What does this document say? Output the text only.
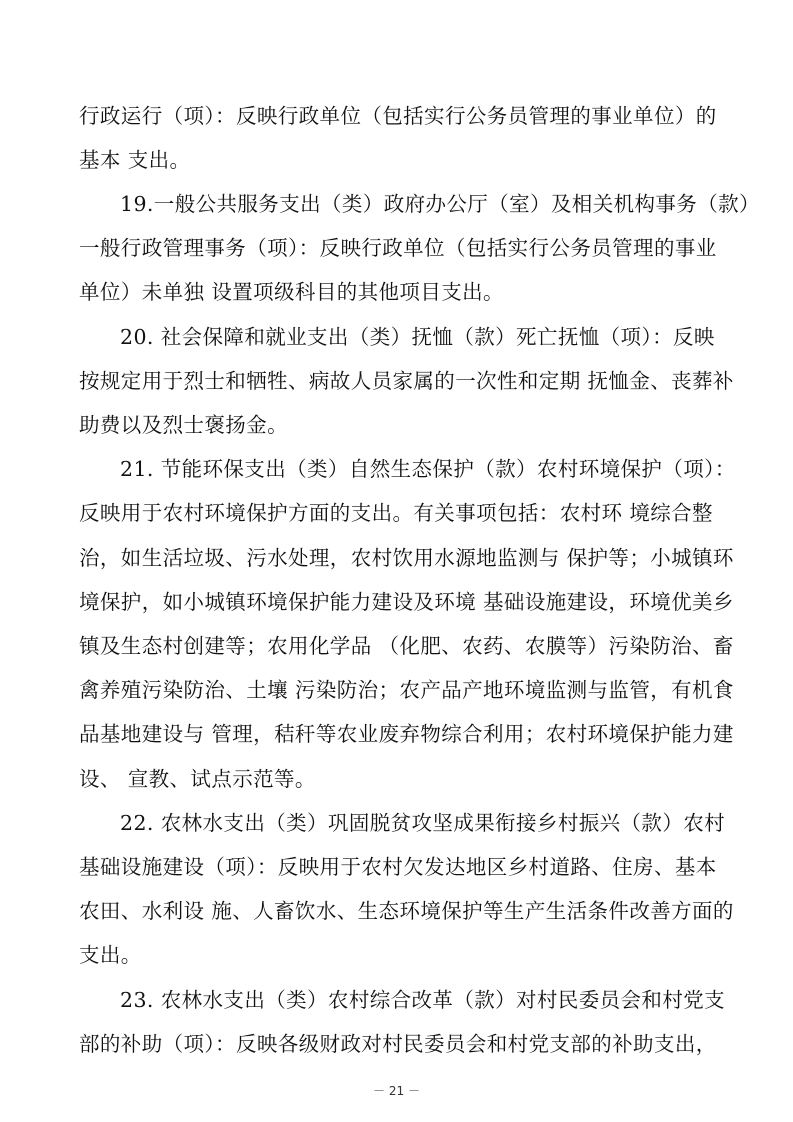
行政运行（项）：反映行政单位（包括实行公务员管理的事业单位）的
基本 支出。
19.一般公共服务支出（类）政府办公厅（室）及相关机构事务（款）
一般行政管理事务（项）：反映行政单位（包括实行公务员管理的事业
单位）未单独 设置项级科目的其他项目支出。
20. 社会保障和就业支出（类）抚恤（款）死亡抚恤（项）：反映
按规定用于烈士和牺牲、病故人员家属的一次性和定期 抚恤金、丧葬补
助费以及烈士褒扬金。
21. 节能环保支出（类）自然生态保护（款）农村环境保护（项）：
反映用于农村环境保护方面的支出。有关事项包括：农村环 境综合整
治，如生活垃圾、污水处理，农村饮用水源地监测与 保护等；小城镇环
境保护，如小城镇环境保护能力建设及环境 基础设施建设，环境优美乡
镇及生态村创建等；农用化学品 （化肥、农药、农膜等）污染防治、畜
禽养殖污染防治、土壤 污染防治；农产品产地环境监测与监管，有机食
品基地建设与 管理，秸秆等农业废弃物综合利用；农村环境保护能力建
设、 宣教、试点示范等。
22. 农林水支出（类）巩固脱贫攻坚成果衔接乡村振兴（款）农村
基础设施建设（项）：反映用于农村欠发达地区乡村道路、住房、基本
农田、水利设 施、人畜饮水、生态环境保护等生产生活条件改善方面的
支出。
23. 农林水支出（类）农村综合改革（款）对村民委员会和村党支
部的补助（项）：反映各级财政对村民委员会和村党支部的补助支出，
－ 21 －
